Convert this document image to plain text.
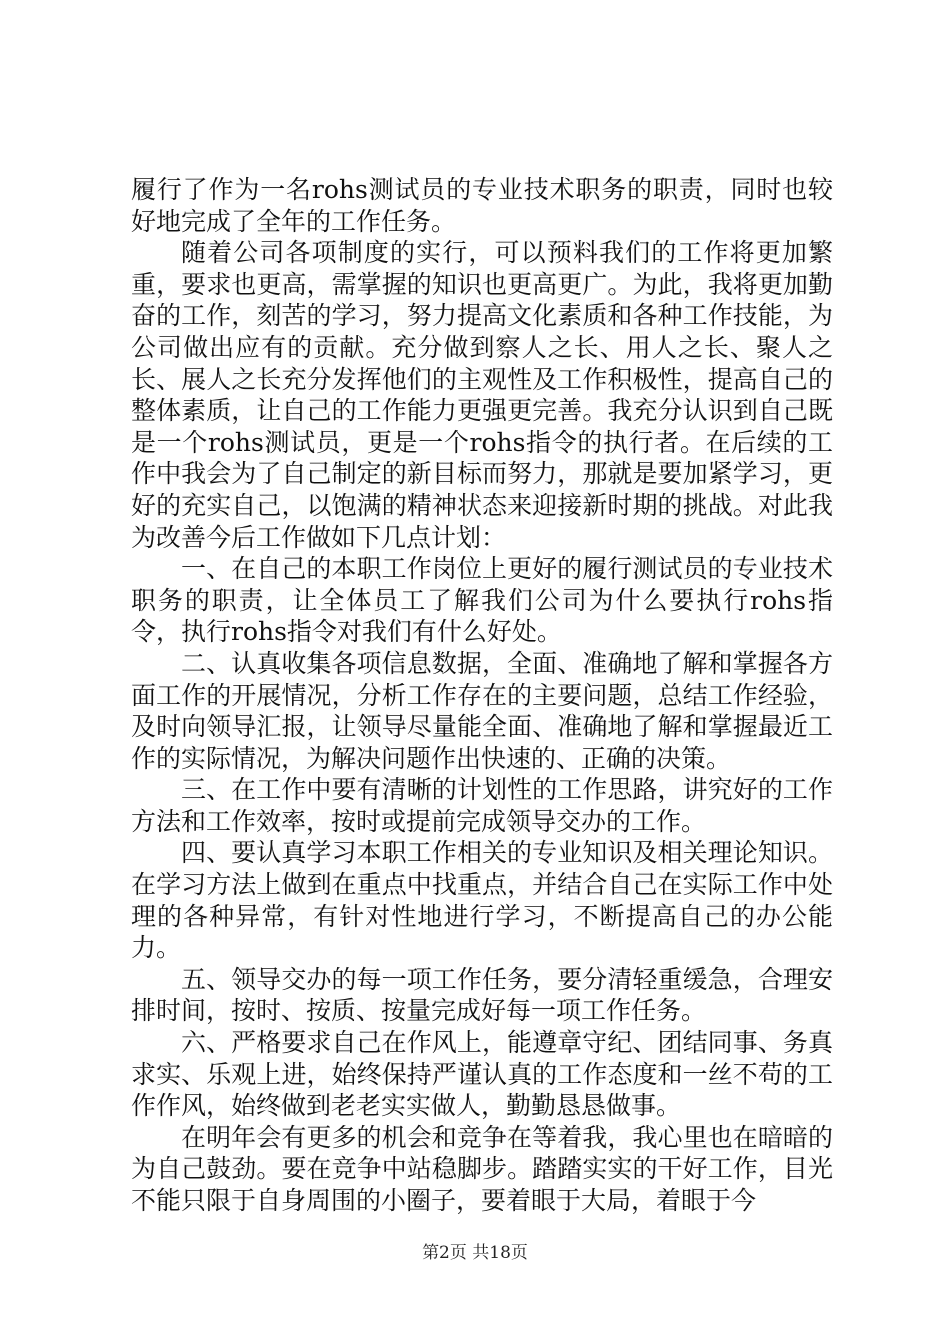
履行了作为一名rohs测试员的专业技术职务的职责，同时也较好地完成了全年的工作任务。

随着公司各项制度的实行，可以预料我们的工作将更加繁重，要求也更高，需掌握的知识也更高更广。为此，我将更加勤奋的工作，刻苦的学习，努力提高文化素质和各种工作技能，为公司做出应有的贡献。充分做到察人之长、用人之长、聚人之长、展人之长充分发挥他们的主观性及工作积极性，提高自己的整体素质，让自己的工作能力更强更完善。我充分认识到自己既是一个rohs测试员，更是一个rohs指令的执行者。在后续的工作中我会为了自己制定的新目标而努力，那就是要加紧学习，更好的充实自己，以饱满的精神状态来迎接新时期的挑战。对此我为改善今后工作做如下几点计划：

一、在自己的本职工作岗位上更好的履行测试员的专业技术职务的职责，让全体员工了解我们公司为什么要执行rohs指令，执行rohs指令对我们有什么好处。

二、认真收集各项信息数据，全面、准确地了解和掌握各方面工作的开展情况，分析工作存在的主要问题，总结工作经验，及时向领导汇报，让领导尽量能全面、准确地了解和掌握最近工作的实际情况，为解决问题作出快速的、正确的决策。

三、在工作中要有清晰的计划性的工作思路，讲究好的工作方法和工作效率，按时或提前完成领导交办的工作。

四、要认真学习本职工作相关的专业知识及相关理论知识。在学习方法上做到在重点中找重点，并结合自己在实际工作中处理的各种异常，有针对性地进行学习，不断提高自己的办公能力。

五、领导交办的每一项工作任务，要分清轻重缓急，合理安排时间，按时、按质、按量完成好每一项工作任务。

六、严格要求自己在作风上，能遵章守纪、团结同事、务真求实、乐观上进，始终保持严谨认真的工作态度和一丝不苟的工作作风，始终做到老老实实做人，勤勤恳恳做事。

在明年会有更多的机会和竞争在等着我，我心里也在暗暗的为自己鼓劲。要在竞争中站稳脚步。踏踏实实的干好工作，目光不能只限于自身周围的小圈子，要着眼于大局，着眼于今

第2页 共18页
